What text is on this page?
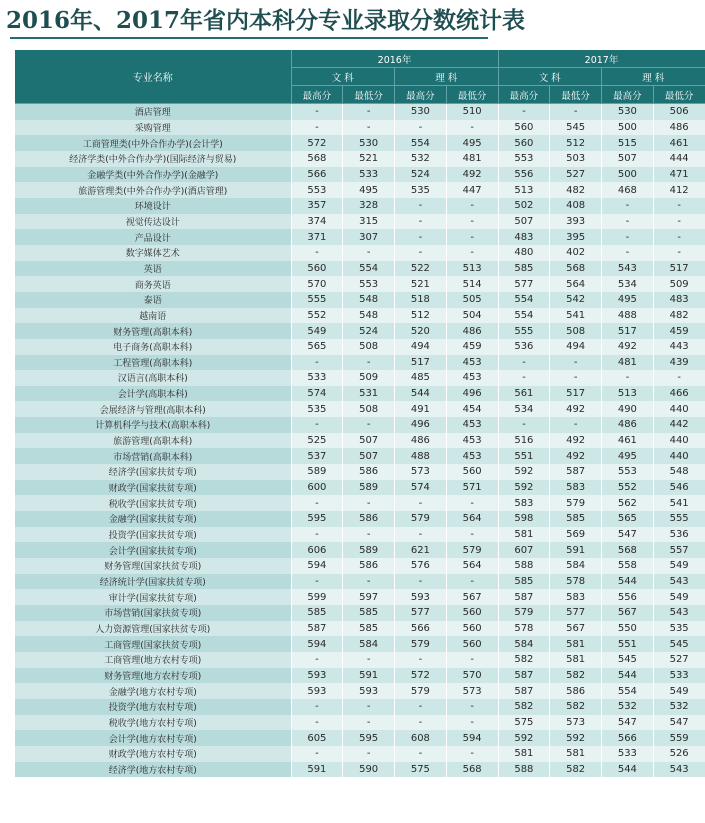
2016年、2017年省内本科分专业录取分数统计表
专业名称	2016年				2017年			
	文 科		理 科		文 科		理 科	
	最高分	最低分	最高分	最低分	最高分	最低分	最高分	最低分
酒店管理	-	-	530	510	-	-	530	506
采购管理	-	-	-	-	560	545	500	486
工商管理类(中外合作办学)(会计学)	572	530	554	495	560	512	515	461
经济学类(中外合作办学)(国际经济与贸易)	568	521	532	481	553	503	507	444
金融学类(中外合作办学)(金融学)	566	533	524	492	556	527	500	471
旅游管理类(中外合作办学)(酒店管理)	553	495	535	447	513	482	468	412
环境设计	357	328	-	-	502	408	-	-
视觉传达设计	374	315	-	-	507	393	-	-
产品设计	371	307	-	-	483	395	-	-
数字媒体艺术	-	-	-	-	480	402	-	-
英语	560	554	522	513	585	568	543	517
商务英语	570	553	521	514	577	564	534	509
泰语	555	548	518	505	554	542	495	483
越南语	552	548	512	504	554	541	488	482
财务管理(高职本科)	549	524	520	486	555	508	517	459
电子商务(高职本科)	565	508	494	459	536	494	492	443
工程管理(高职本科)	-	-	517	453	-	-	481	439
汉语言(高职本科)	533	509	485	453	-	-	-	-
会计学(高职本科)	574	531	544	496	561	517	513	466
会展经济与管理(高职本科)	535	508	491	454	534	492	490	440
计算机科学与技术(高职本科)	-	-	496	453	-	-	486	442
旅游管理(高职本科)	525	507	486	453	516	492	461	440
市场营销(高职本科)	537	507	488	453	551	492	495	440
经济学(国家扶贫专项)	589	586	573	560	592	587	553	548
财政学(国家扶贫专项)	600	589	574	571	592	583	552	546
税收学(国家扶贫专项)	-	-	-	-	583	579	562	541
金融学(国家扶贫专项)	595	586	579	564	598	585	565	555
投资学(国家扶贫专项)	-	-	-	-	581	569	547	536
会计学(国家扶贫专项)	606	589	621	579	607	591	568	557
财务管理(国家扶贫专项)	594	586	576	564	588	584	558	549
经济统计学(国家扶贫专项)	-	-	-	-	585	578	544	543
审计学(国家扶贫专项)	599	597	593	567	587	583	556	549
市场营销(国家扶贫专项)	585	585	577	560	579	577	567	543
人力资源管理(国家扶贫专项)	587	585	566	560	578	567	550	535
工商管理(国家扶贫专项)	594	584	579	560	584	581	551	545
工商管理(地方农村专项)	-	-	-	-	582	581	545	527
财务管理(地方农村专项)	593	591	572	570	587	582	544	533
金融学(地方农村专项)	593	593	579	573	587	586	554	549
投资学(地方农村专项)	-	-	-	-	582	582	532	532
税收学(地方农村专项)	-	-	-	-	575	573	547	547
会计学(地方农村专项)	605	595	608	594	592	592	566	559
财政学(地方农村专项)	-	-	-	-	581	581	533	526
经济学(地方农村专项)	591	590	575	568	588	582	544	543
